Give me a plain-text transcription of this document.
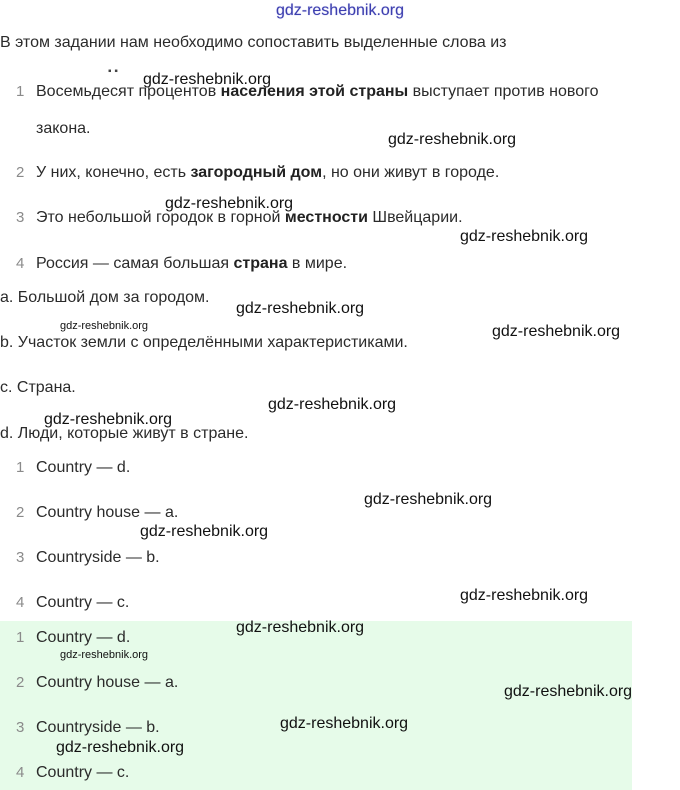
gdz-reshebnik.org
В этом задании нам необходимо сопоставить выделенные слова из
▪ ▪
1 Восемьдесят процентов населения этой страны выступает против нового
закона.
2 У них, конечно, есть загородный дом, но они живут в городе.
3 Это небольшой городок в горной местности Швейцарии.
4 Россия — самая большая страна в мире.
a. Большой дом за городом.
b. Участок земли с определёнными характеристиками.
c. Страна.
d. Люди, которые живут в стране.
1 Country — d.
2 Country house — a.
3 Countryside — b.
4 Country — c.
1 Country — d.
2 Country house — a.
3 Countryside — b.
4 Country — c.
gdz-reshebnik.org
gdz-reshebnik.org
gdz-reshebnik.org
gdz-reshebnik.org
gdz-reshebnik.org
gdz-reshebnik.org	gdz-reshebnik.org
gdz-reshebnik.org
gdz-reshebnik.org
gdz-reshebnik.org
gdz-reshebnik.org
gdz-reshebnik.org
gdz-reshebnik.org
gdz-reshebnik.org
gdz-reshebnik.org
gdz-reshebnik.org
gdz-reshebnik.org
